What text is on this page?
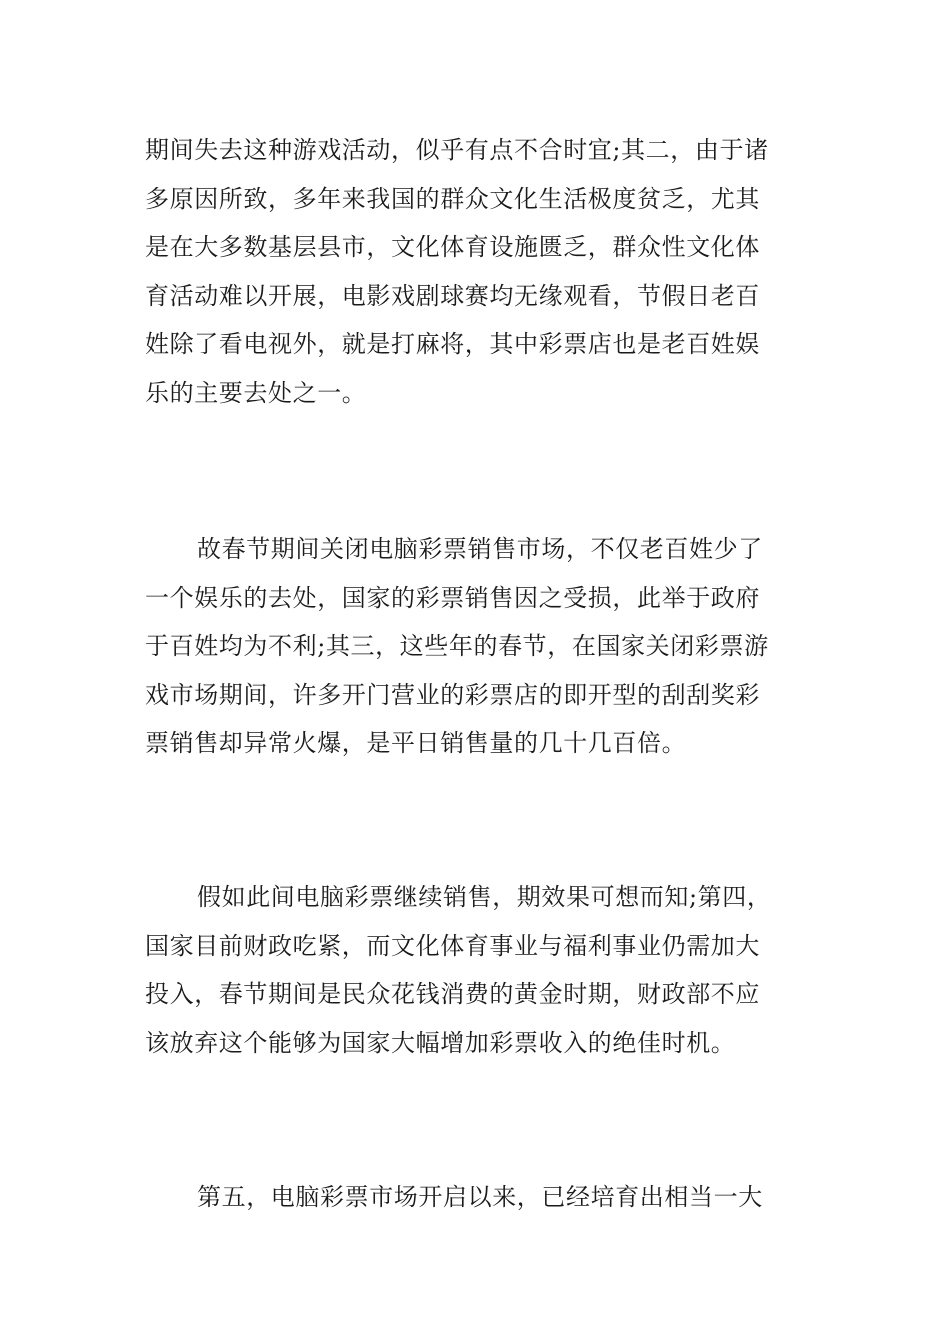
期间失去这种游戏活动，似乎有点不合时宜;其二，由于诸
多原因所致，多年来我国的群众文化生活极度贫乏，尤其
是在大多数基层县市，文化体育设施匮乏，群众性文化体
育活动难以开展，电影戏剧球赛均无缘观看，节假日老百
姓除了看电视外，就是打麻将，其中彩票店也是老百姓娱
乐的主要去处之一。

故春节期间关闭电脑彩票销售市场，不仅老百姓少了
一个娱乐的去处，国家的彩票销售因之受损，此举于政府
于百姓均为不利;其三，这些年的春节，在国家关闭彩票游
戏市场期间，许多开门营业的彩票店的即开型的刮刮奖彩
票销售却异常火爆，是平日销售量的几十几百倍。

假如此间电脑彩票继续销售，期效果可想而知;第四，
国家目前财政吃紧，而文化体育事业与福利事业仍需加大
投入，春节期间是民众花钱消费的黄金时期，财政部不应
该放弃这个能够为国家大幅增加彩票收入的绝佳时机。

第五，电脑彩票市场开启以来，已经培育出相当一大
